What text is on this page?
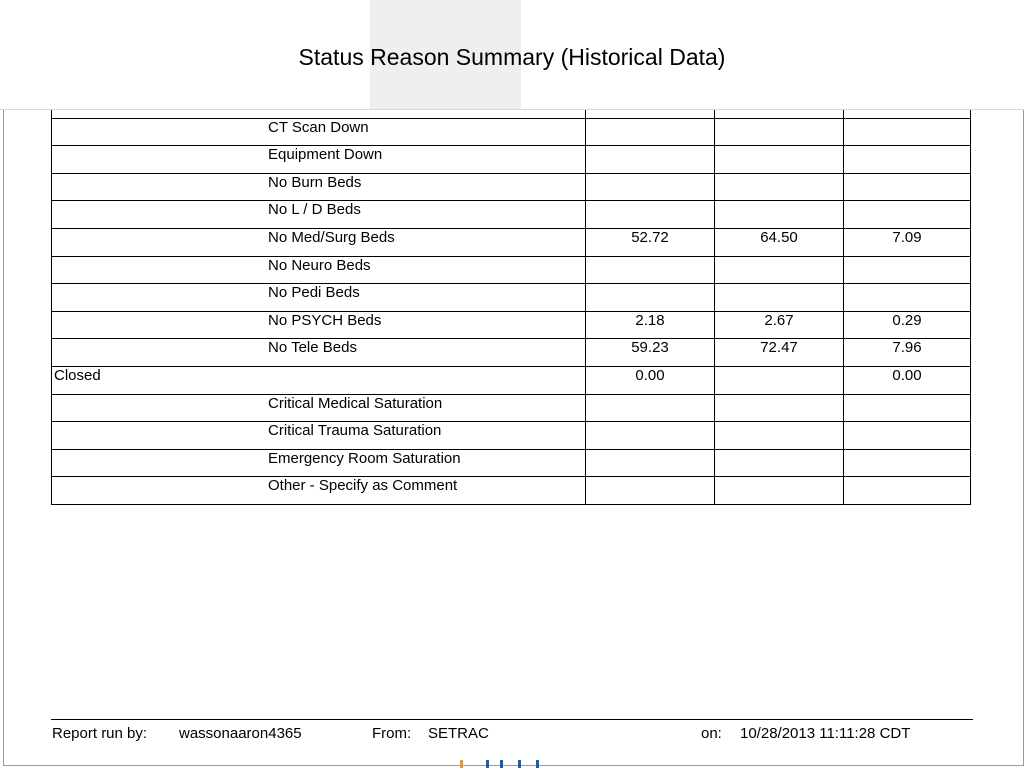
CT Scan Down			

Equipment Down			

No Burn Beds			

No L / D Beds			

No Med/Surg Beds	52.72	64.50	7.09

No Neuro Beds			

No Pedi Beds			

No PSYCH Beds	2.18	2.67	0.29

No Tele Beds	59.23	72.47	7.96
Closed	0.00		0.00

Critical Medical Saturation			

Critical Trauma Saturation			

Emergency Room Saturation			

Other - Specify as Comment			

Status Reason Summary (Historical Data)
Report run by: wassonaaron4365	From: SETRAC	on: 10/28/2013 11:11:28 CDT
